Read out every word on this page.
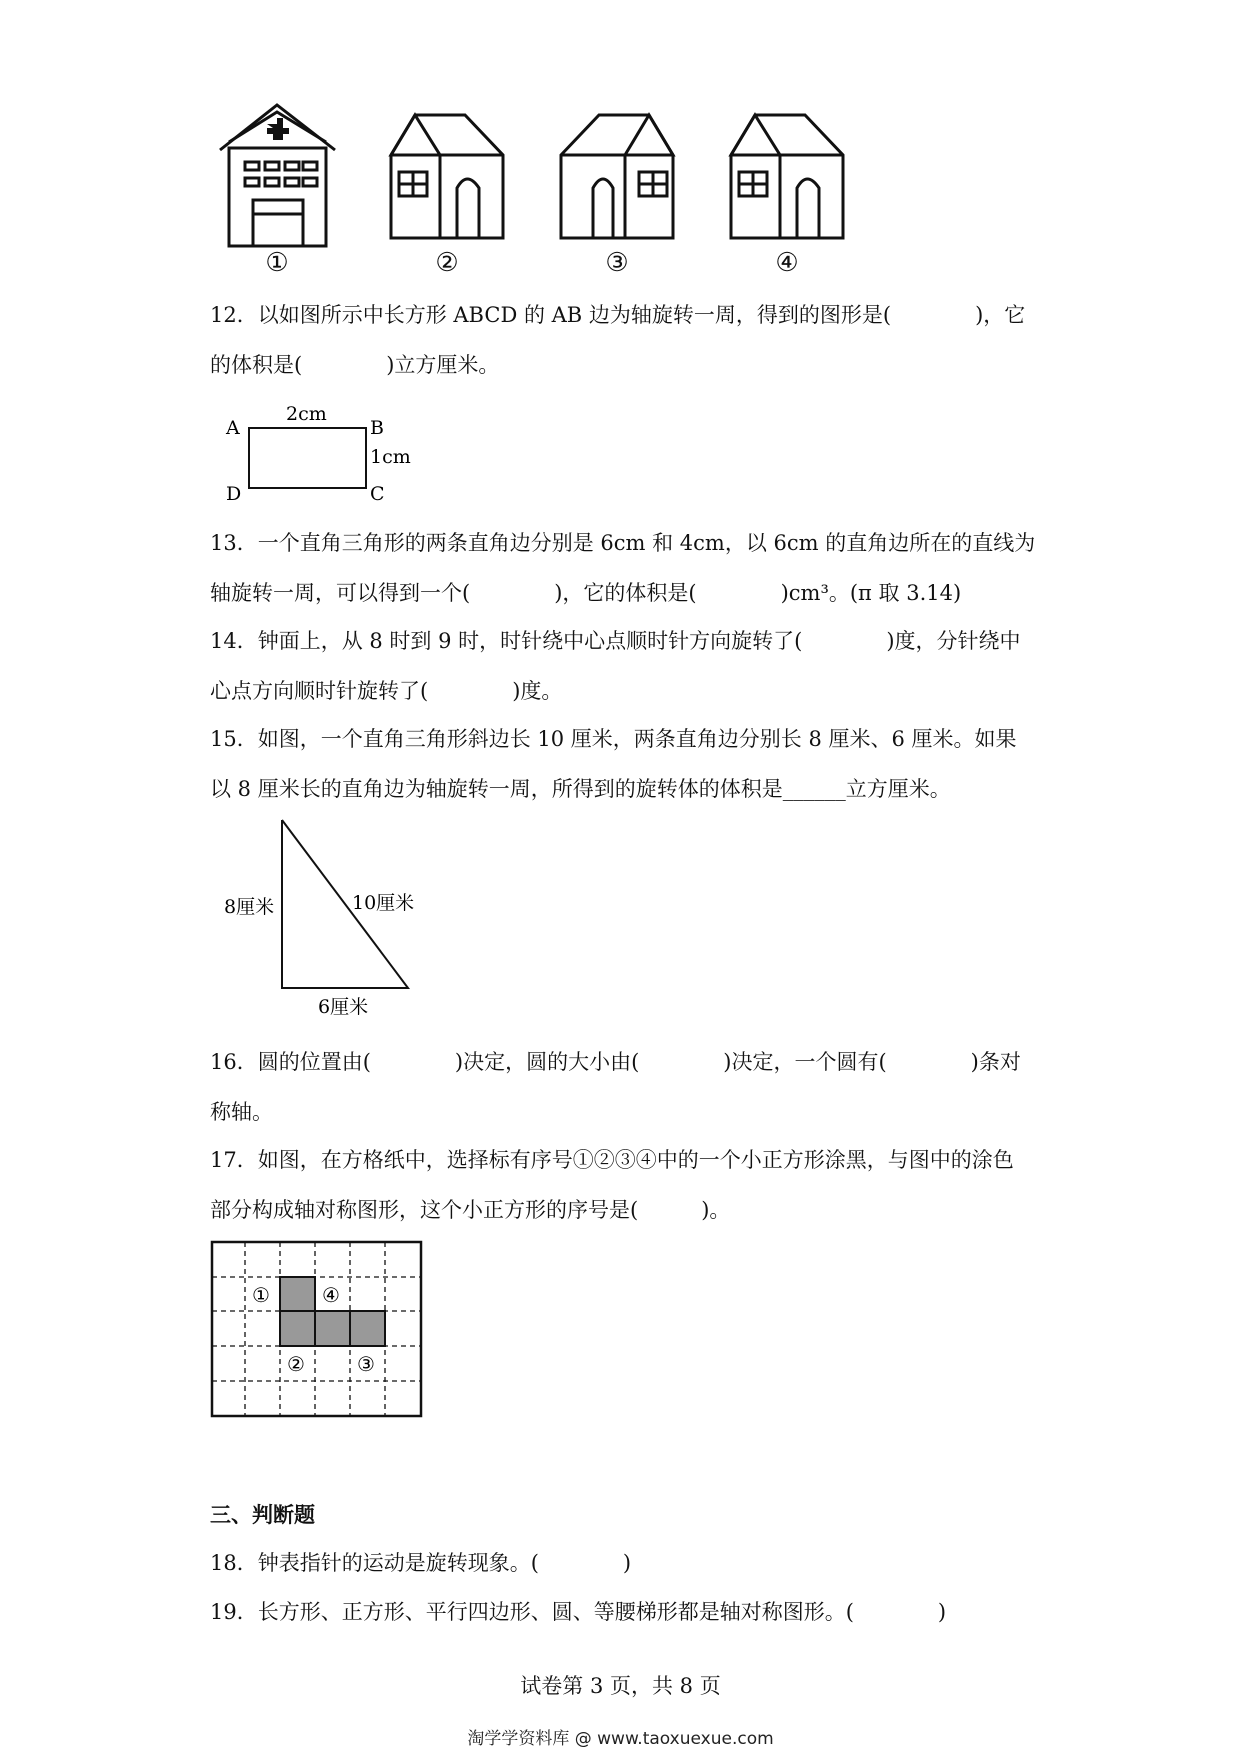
①	②	③	④
12．以如图所示中长方形 ABCD 的 AB 边为轴旋转一周，得到的图形是(　　　　)，它
的体积是(　　　　)立方厘米。
A	B
C
D
2cm
1cm
13．一个直角三角形的两条直角边分别是 6cm 和 4cm，以 6cm 的直角边所在的直线为
轴旋转一周，可以得到一个(　　　　)，它的体积是(　　　　)cm³。(π 取 3.14)
14．钟面上，从 8 时到 9 时，时针绕中心点顺时针方向旋转了(　　　　)度，分针绕中
心点方向顺时针旋转了(　　　　)度。
15．如图，一个直角三角形斜边长 10 厘米，两条直角边分别长 8 厘米、6 厘米。如果
以 8 厘米长的直角边为轴旋转一周，所得到的旋转体的体积是______立方厘米。
8厘米	10厘米
6厘米
16．圆的位置由(　　　　)决定，圆的大小由(　　　　)决定，一个圆有(　　　　)条对
称轴。
17．如图，在方格纸中，选择标有序号①②③④中的一个小正方形涂黑，与图中的涂色
部分构成轴对称图形，这个小正方形的序号是(　　　)。
①	④
②	③
三、判断题
18．钟表指针的运动是旋转现象。(　　　　)
19．长方形、正方形、平行四边形、圆、等腰梯形都是轴对称图形。(　　　　)
试卷第 3 页，共 8 页
淘学学资料库 @ www.taoxuexue.com
